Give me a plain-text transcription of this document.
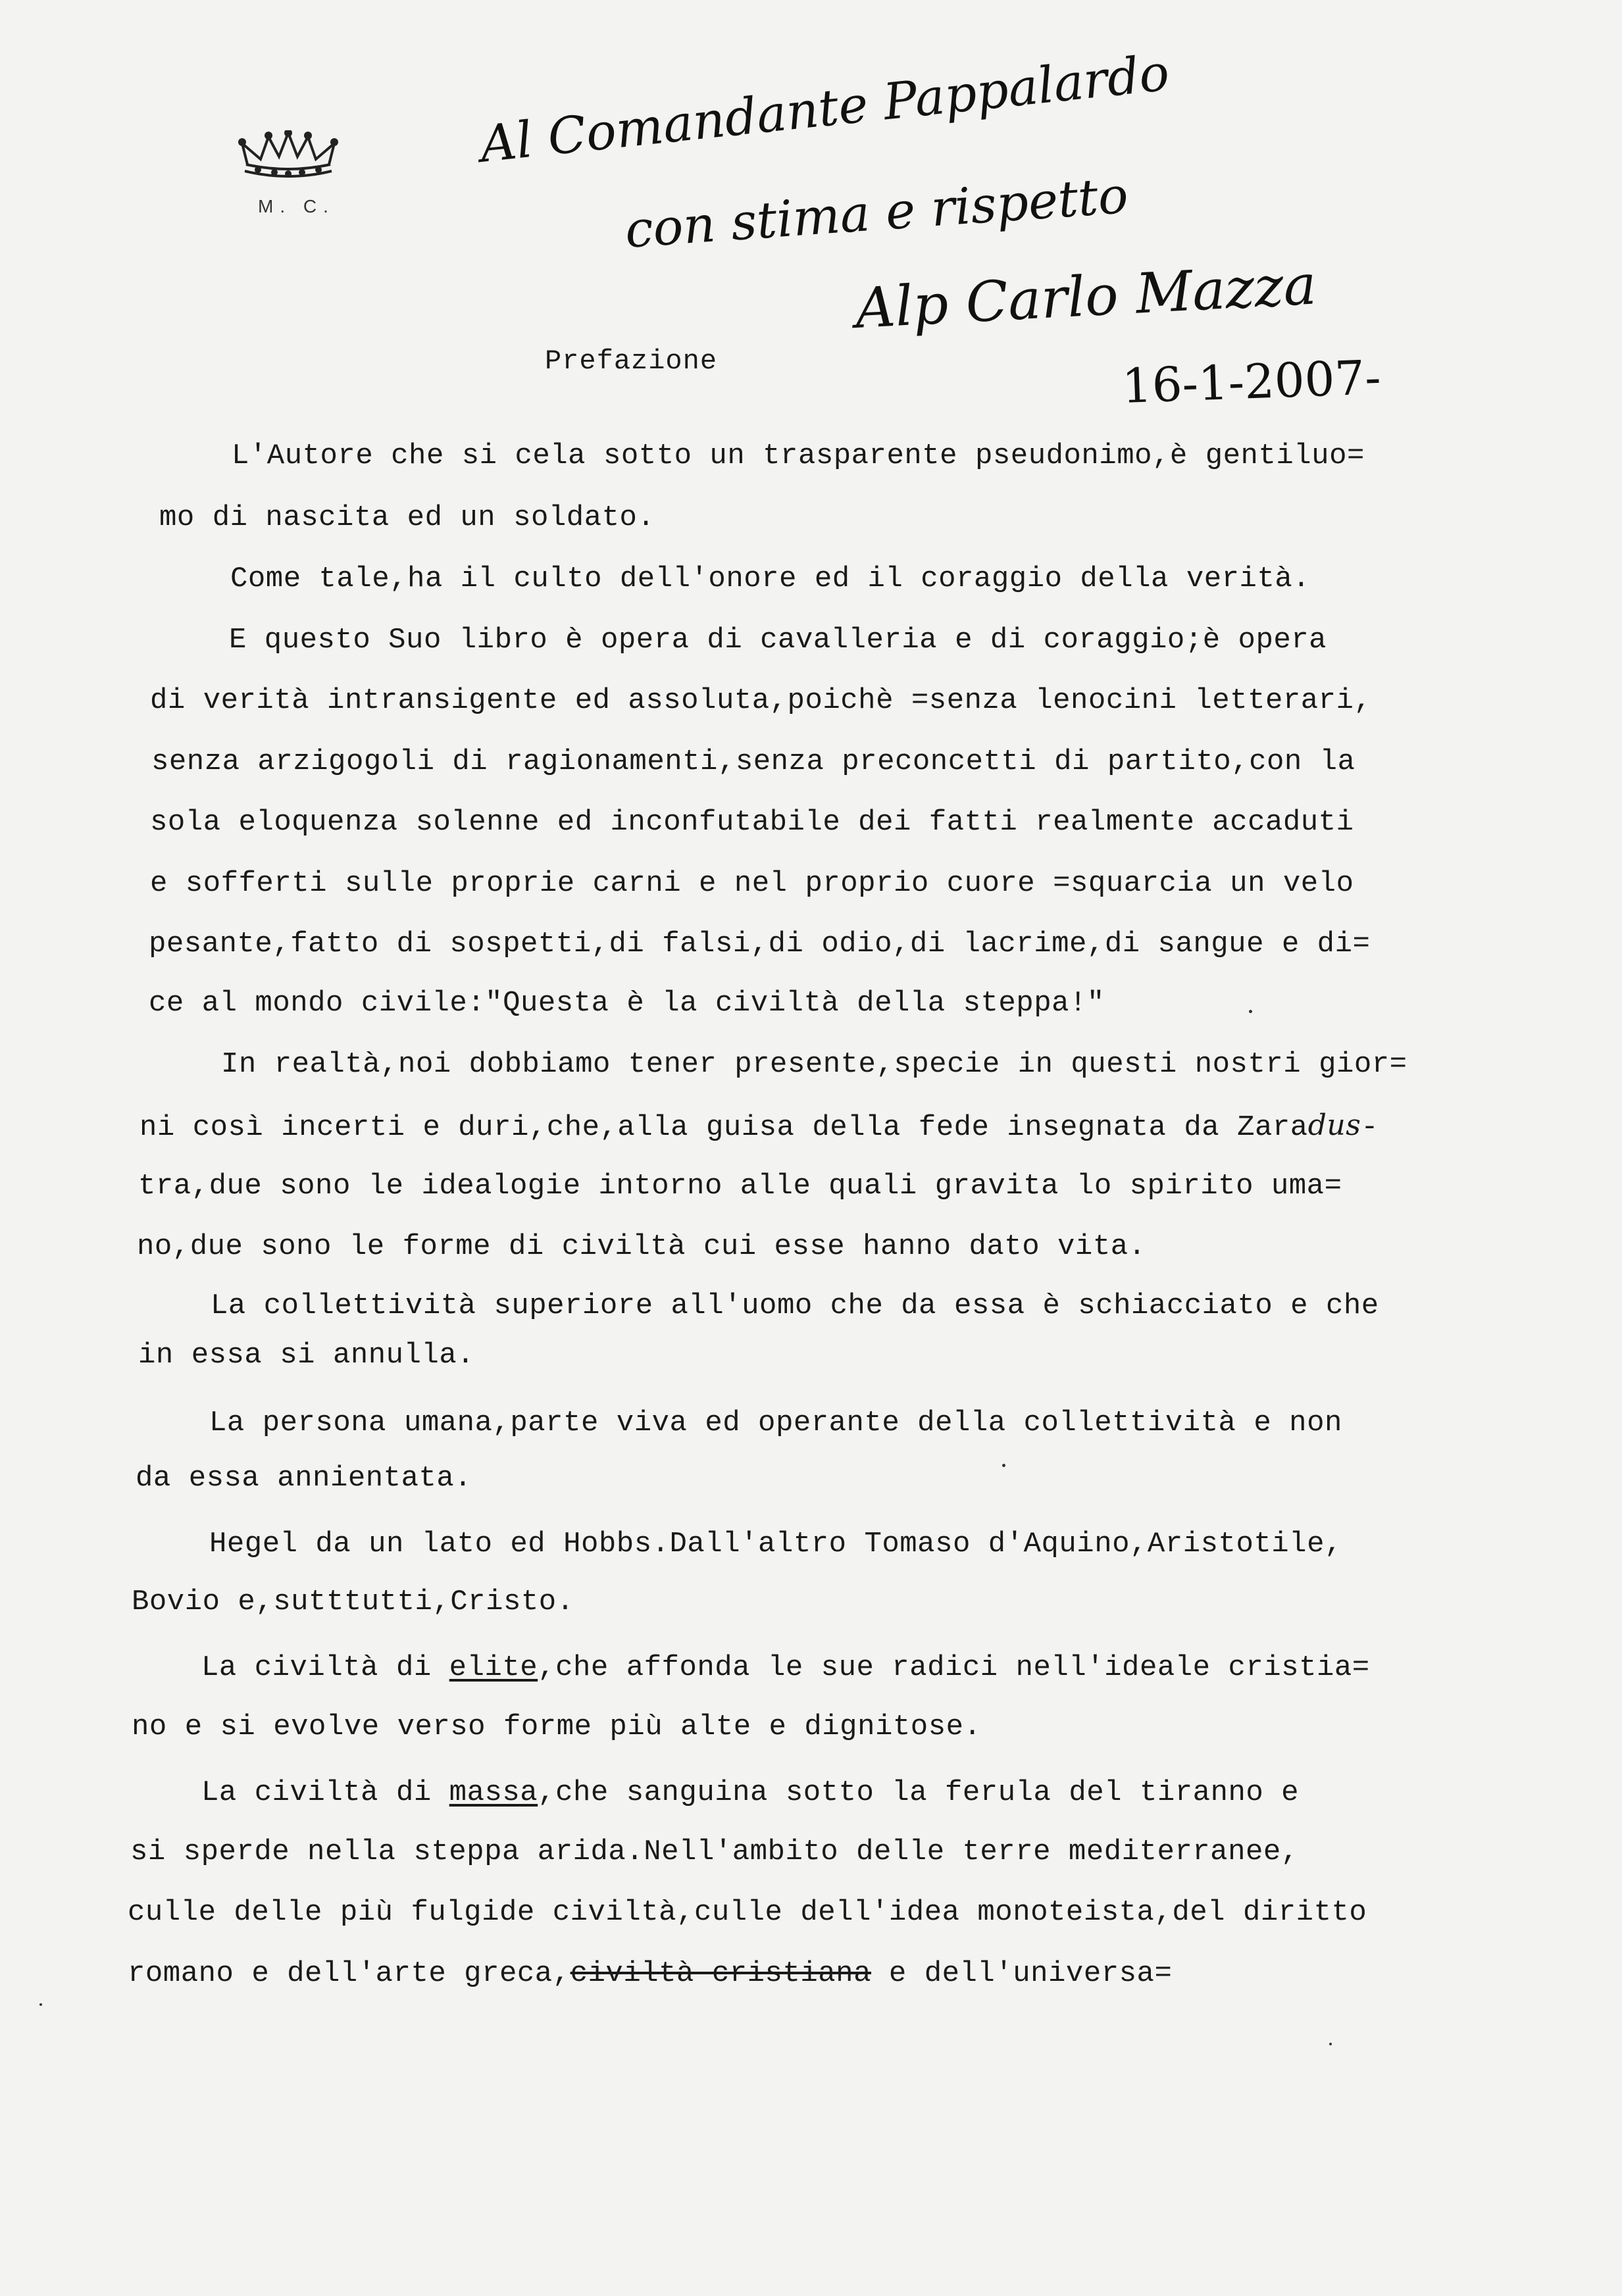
M. C.
Al Comandante Pappalardo
con stima e rispetto
Alp Carlo Mazza
16-1-2007-
Prefazione
L'Autore che si cela sotto un trasparente pseudonimo,è gentiluo=
mo di nascita ed un soldato.
Come tale,ha il culto dell'onore ed il coraggio della verità.
E questo Suo libro è opera di cavalleria e di coraggio;è opera
di verità intransigente ed assoluta,poichè =senza lenocini letterari,
senza arzigogoli di ragionamenti,senza preconcetti di partito,con la
sola eloquenza solenne ed inconfutabile dei fatti realmente accaduti
e sofferti sulle proprie carni e nel proprio cuore =squarcia un velo
pesante,fatto di sospetti,di falsi,di odio,di lacrime,di sangue e di=
ce al mondo civile:"Questa è la civiltà della steppa!"
In realtà,noi dobbiamo tener presente,specie in questi nostri gior=
ni così incerti e duri,che,alla guisa della fede insegnata da Zaradus-
tra,due sono le idealogie intorno alle quali gravita lo spirito uma=
no,due sono le forme di civiltà cui esse hanno dato vita.
La collettività superiore all'uomo che da essa è schiacciato e che
in essa si annulla.
La persona umana,parte viva ed operante della collettività e non
da essa annientata.
Hegel da un lato ed Hobbs.Dall'altro Tomaso d'Aquino,Aristotile,
Bovio e,sutttutti,Cristo.
La civiltà di elite,che affonda le sue radici nell'ideale cristia=
no e si evolve verso forme più alte e dignitose.
La civiltà di massa,che sanguina sotto la ferula del tiranno e
si sperde nella steppa arida.Nell'ambito delle terre mediterranee,
culle delle più fulgide civiltà,culle dell'idea monoteista,del diritto
romano e dell'arte greca,civiltà cristiana e dell'universa=
